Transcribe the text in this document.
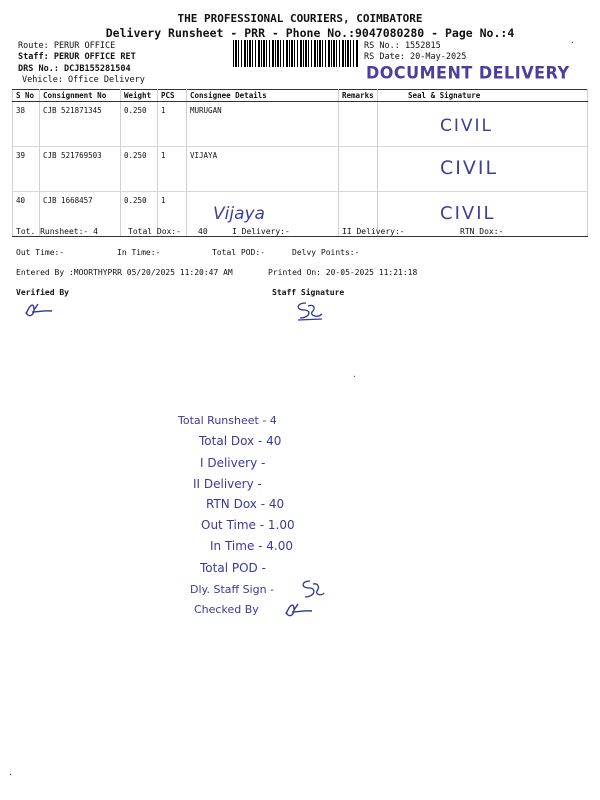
THE PROFESSIONAL COURIERS, COIMBATORE
Delivery Runsheet - PRR - Phone No.:9047080280 - Page No.:4
Route: PERUR OFFICE
Staff: PERUR OFFICE RET
DRS No.: DCJB155281504
Vehicle: Office Delivery
RS No.: 1552815
RS Date: 20-May-2025
DOCUMENT DELIVERY
S No	Consignment No	Weight	PCS	Consignee Details	Remarks	Seal & Signature
38	CJB 521871345	0.250	1	MURUGAN		CIVIL

39	CJB 521769503	0.250	1	VIJAYA		CIVIL

40	CJB 1668457	0.250	1	Vijaya		CIVIL
Tot. Runsheet:- 4	Total Dox:- 40	I Delivery:-	II Delivery:-	RTN Dox:-
Out Time:-	In Time:-	Total POD:-	Delvy Points:-
Entered By :MOORTHYPRR 05/20/2025 11:20:47 AM	Printed On: 20-05-2025 11:21:18
Verified By	Staff Signature
Total Runsheet - 4
Total Dox - 40
I Delivery -
II Delivery -
RTN Dox - 40
Out Time - 1.00
In Time - 4.00
Total POD -
Dly. Staff Sign -
Checked By
·
·
·
